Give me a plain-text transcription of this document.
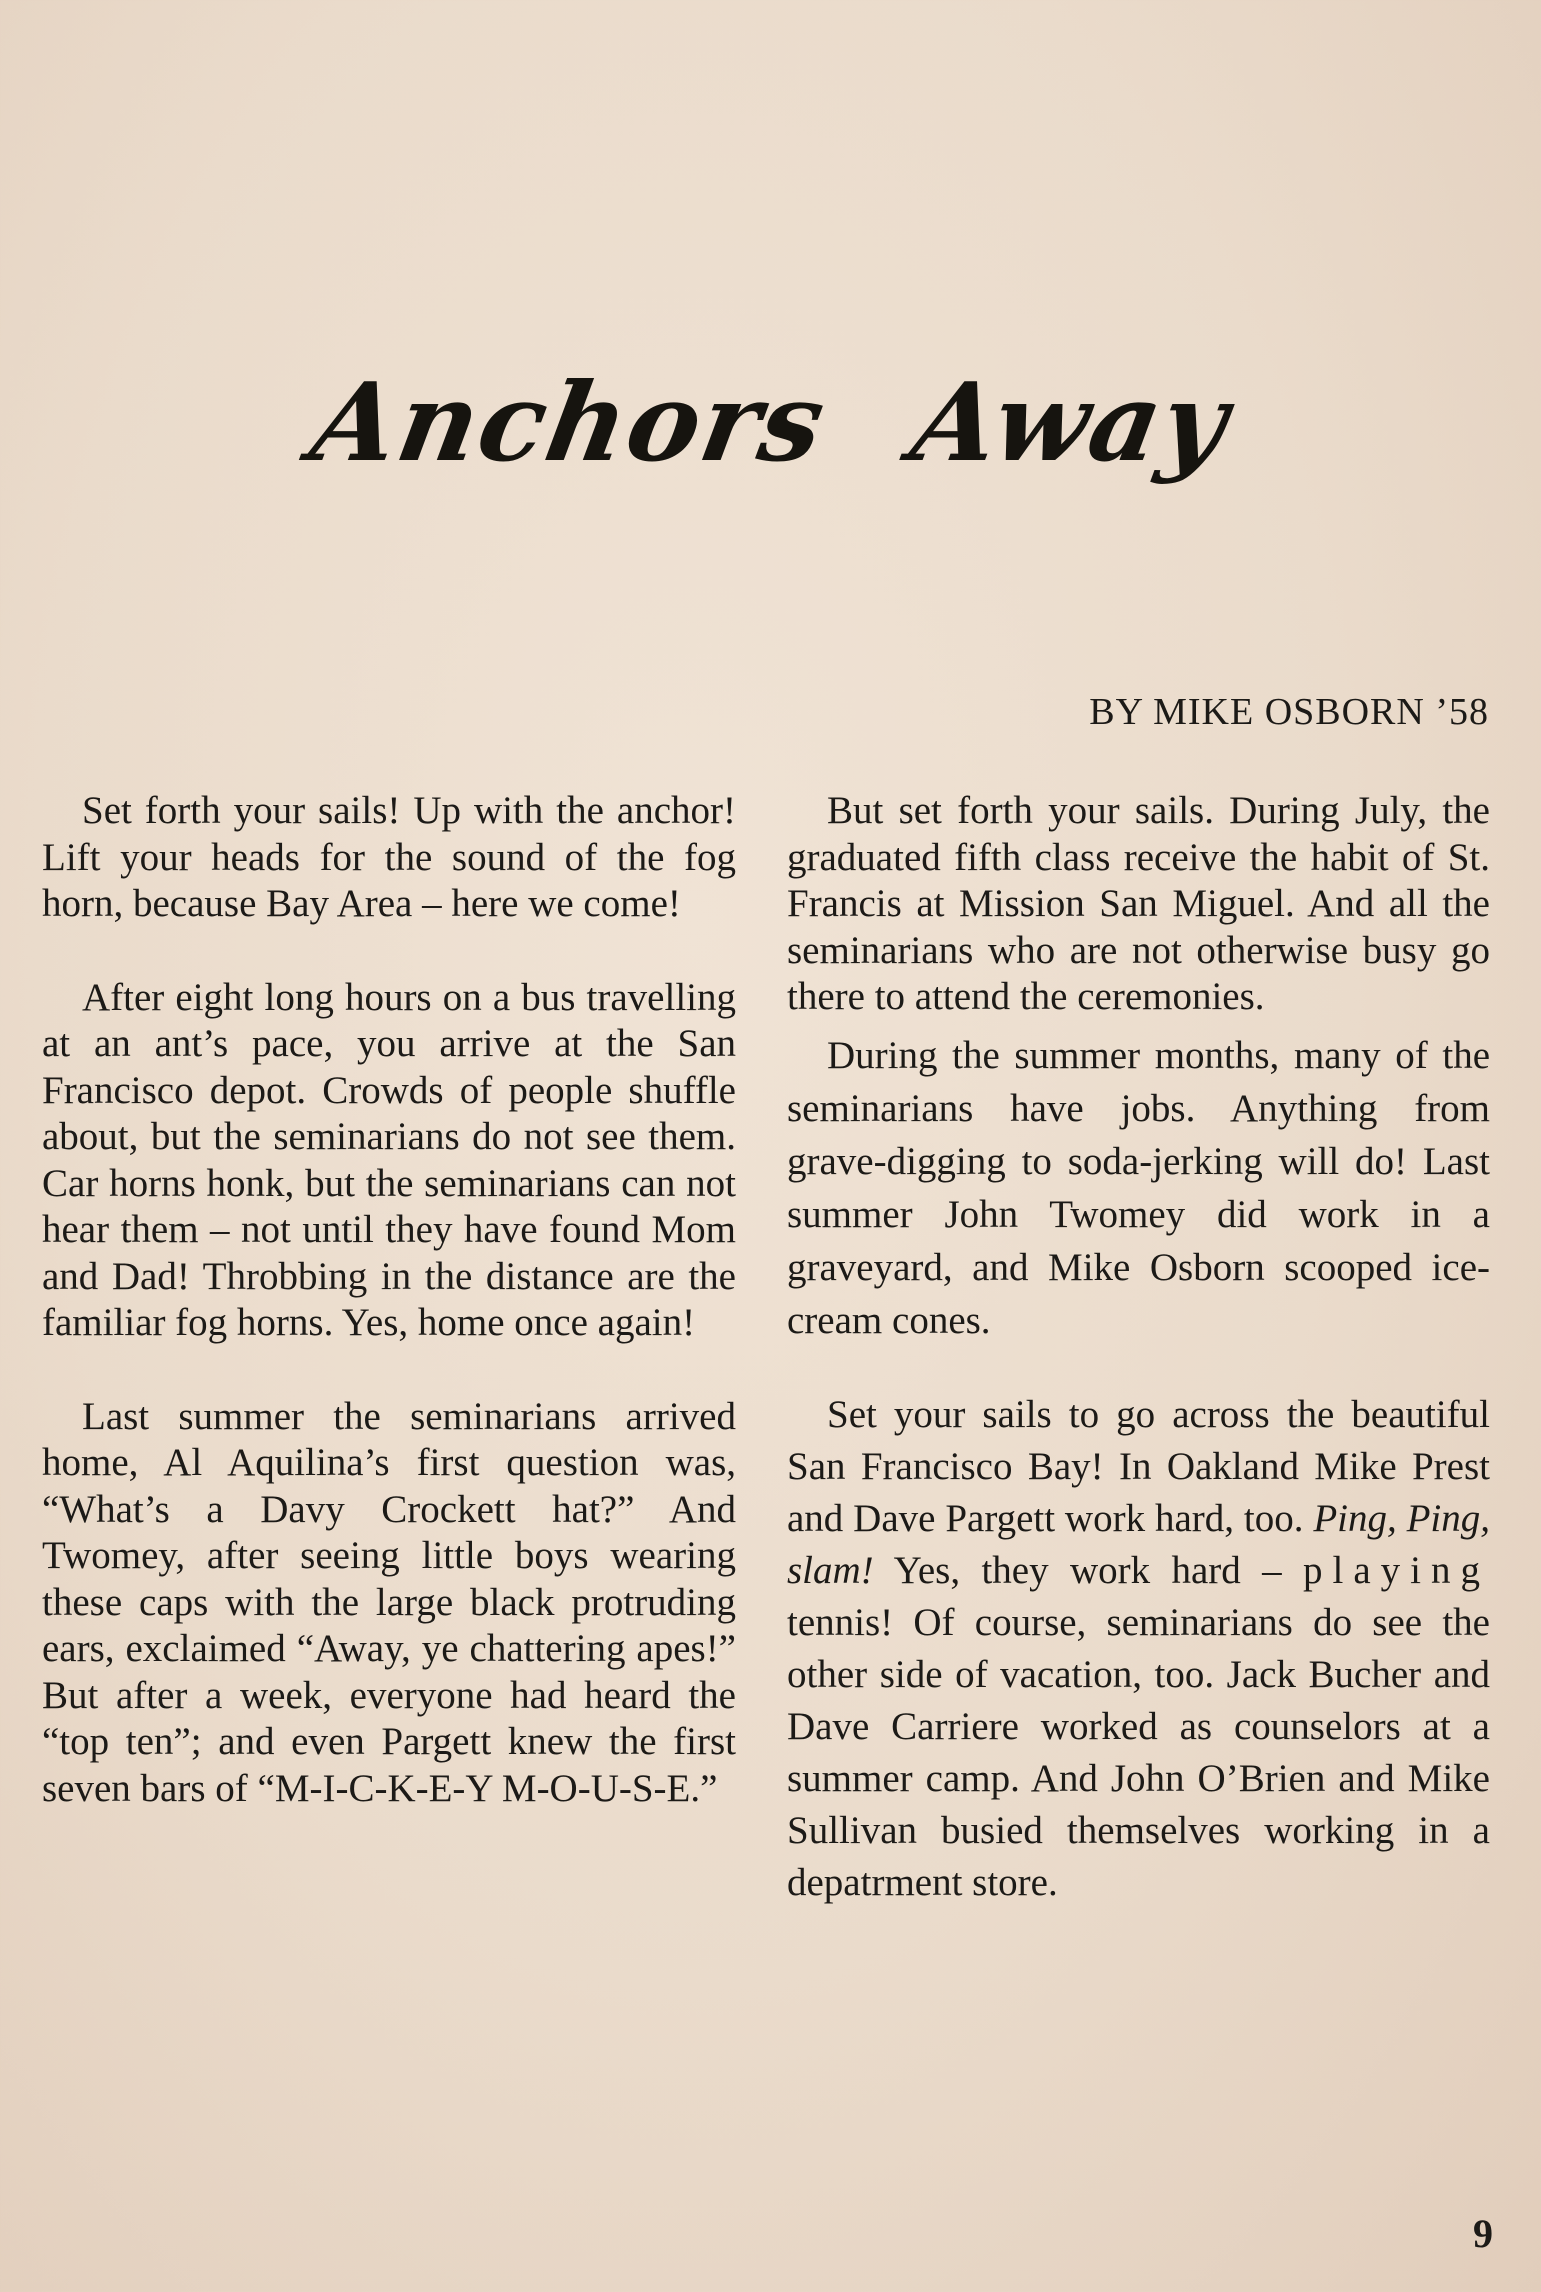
Anchors Away
BY MIKE OSBORN ’58

Set forth your sails! Up with the anchor! Lift your heads for the sound of the fog horn, because Bay Area – here we come!

After eight long hours on a bus travelling at an ant’s pace, you arrive at the San Francisco depot. Crowds of people shuffle about, but the seminarians do not see them. Car horns honk, but the seminarians can not hear them – not until they have found Mom and Dad! Throbbing in the distance are the familiar fog horns. Yes, home once again!

Last summer the seminarians arrived home, Al Aquilina’s first question was, “What’s a Davy Crockett hat?” And Twomey, after seeing little boys wearing these caps with the large black protruding ears, exclaimed “Away, ye chattering apes!” But after a week, everyone had heard the “top ten”; and even Pargett knew the first seven bars of “M-I-C-K-E-Y M-O-U-S-E.”

But set forth your sails. During July, the graduated fifth class receive the habit of St. Francis at Mission San Miguel. And all the seminarians who are not otherwise busy go there to attend the ceremonies.

During the summer months, many of the seminarians have jobs. Anything from grave-digging to soda-jerking will do! Last summer John Twomey did work in a graveyard, and Mike Osborn scooped ice-cream cones.

Set your sails to go across the beautiful San Francisco Bay! In Oakland Mike Prest and Dave Pargett work hard, too. Ping, Ping, slam! Yes, they work hard – playing tennis! Of course, seminarians do see the other side of vacation, too. Jack Bucher and Dave Carriere worked as counselors at a summer camp. And John O’Brien and Mike Sullivan busied themselves working in a depatrment store.

9
